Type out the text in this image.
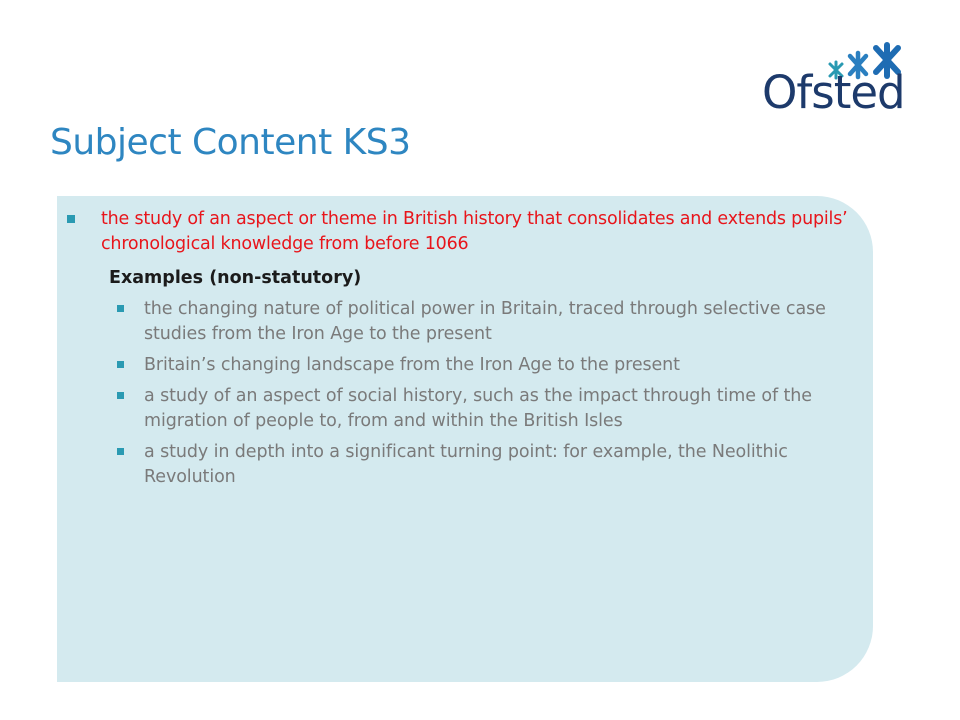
Ofsted
Subject Content KS3
the study of an aspect or theme in British history that consolidates and extends pupils’ chronological knowledge from before 1066
Examples (non-statutory)
the changing nature of political power in Britain, traced through selective case studies from the Iron Age to the present
Britain’s changing landscape from the Iron Age to the present
a study of an aspect of social history, such as the impact through time of the migration of people to, from and within the British Isles
a study in depth into a significant turning point: for example, the Neolithic Revolution
